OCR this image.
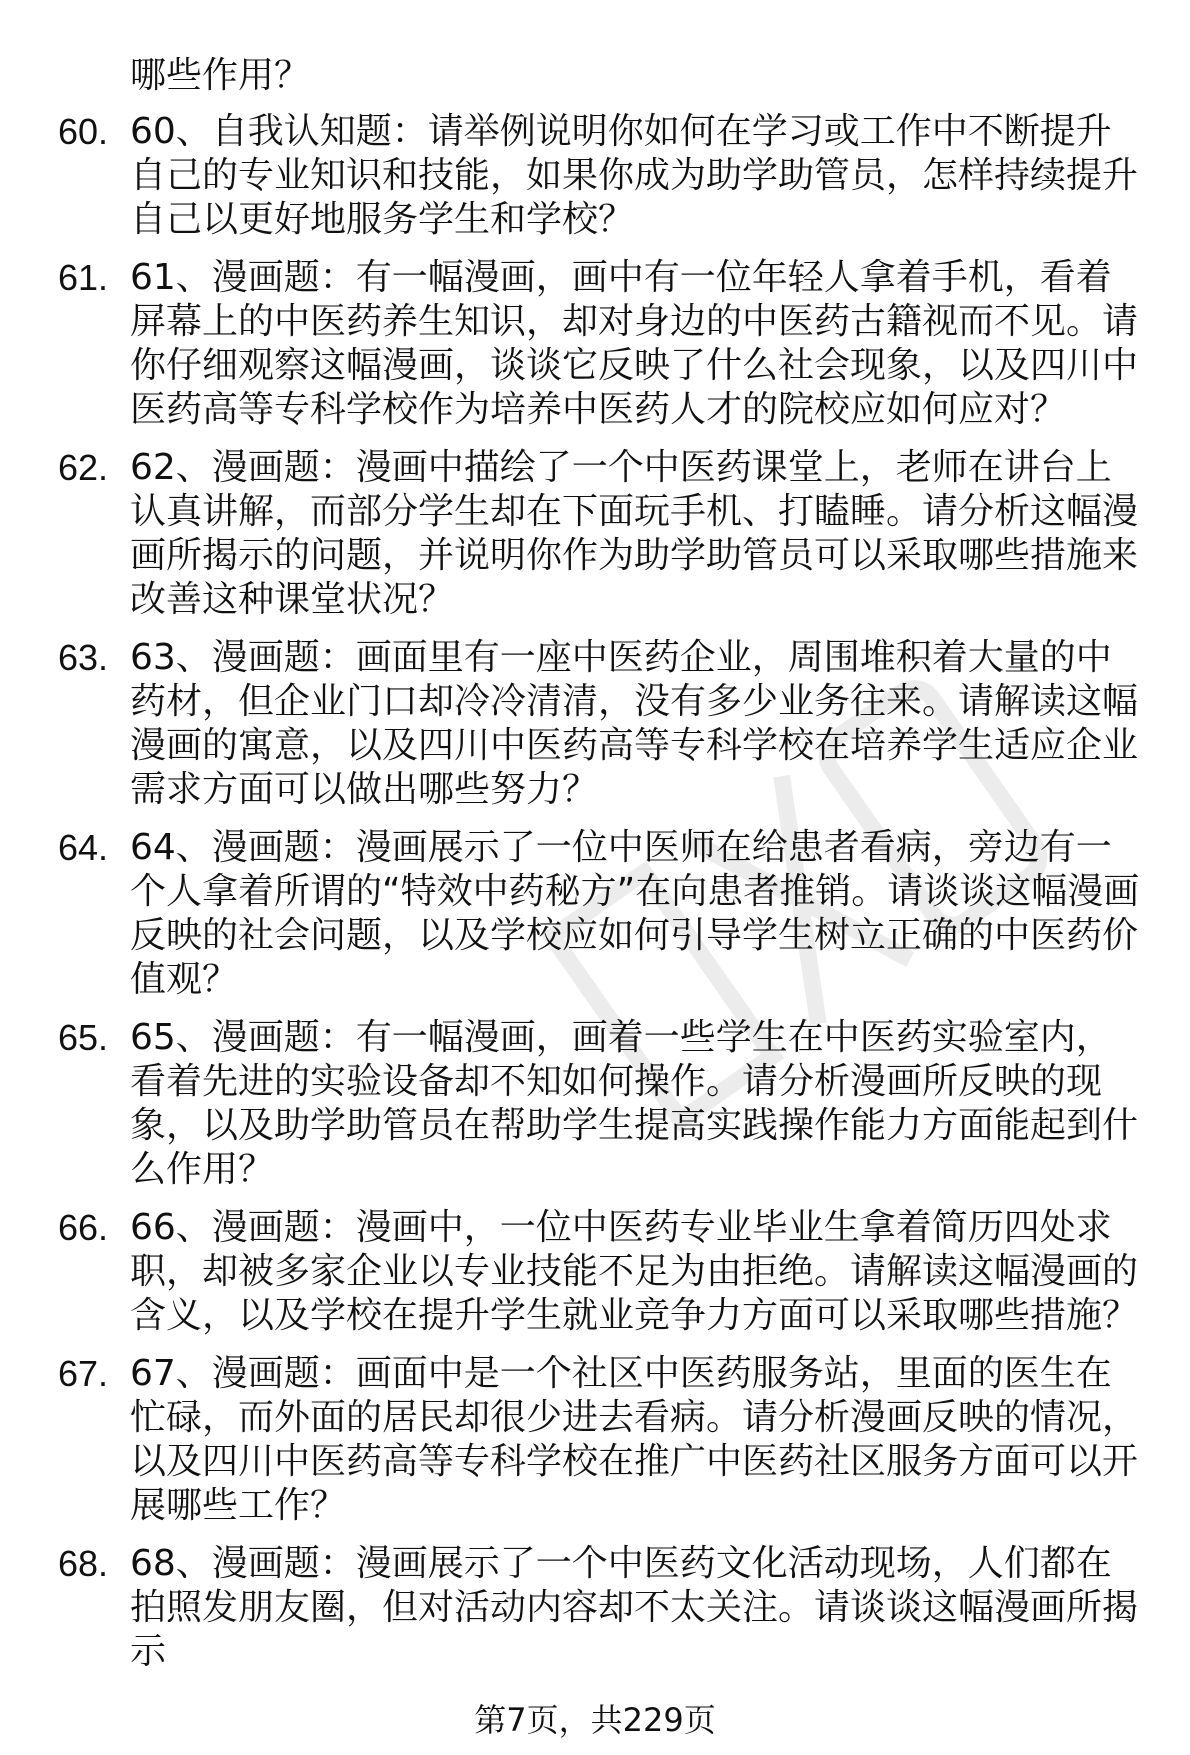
哪些作用？

60. 60、自我认知题：请举例说明你如何在学习或工作中不断提升自己的专业知识和技能，如果你成为助学助管员，怎样持续提升自己以更好地服务学生和学校？
61. 61、漫画题：有一幅漫画，画中有一位年轻人拿着手机，看着屏幕上的中医药养生知识，却对身边的中医药古籍视而不见。请你仔细观察这幅漫画，谈谈它反映了什么社会现象，以及四川中医药高等专科学校作为培养中医药人才的院校应如何应对？
62. 62、漫画题：漫画中描绘了一个中医药课堂上，老师在讲台上认真讲解，而部分学生却在下面玩手机、打瞌睡。请分析这幅漫画所揭示的问题，并说明你作为助学助管员可以采取哪些措施来改善这种课堂状况？
63. 63、漫画题：画面里有一座中医药企业，周围堆积着大量的中药材，但企业门口却冷冷清清，没有多少业务往来。请解读这幅漫画的寓意，以及四川中医药高等专科学校在培养学生适应企业需求方面可以做出哪些努力？
64. 64、漫画题：漫画展示了一位中医师在给患者看病，旁边有一个人拿着所谓的“特效中药秘方”在向患者推销。请谈谈这幅漫画反映的社会问题，以及学校应如何引导学生树立正确的中医药价值观？
65. 65、漫画题：有一幅漫画，画着一些学生在中医药实验室内，看着先进的实验设备却不知如何操作。请分析漫画所反映的现象，以及助学助管员在帮助学生提高实践操作能力方面能起到什么作用？
66. 66、漫画题：漫画中，一位中医药专业毕业生拿着简历四处求职，却被多家企业以专业技能不足为由拒绝。请解读这幅漫画的含义，以及学校在提升学生就业竞争力方面可以采取哪些措施？
67. 67、漫画题：画面中是一个社区中医药服务站，里面的医生在忙碌，而外面的居民却很少进去看病。请分析漫画反映的情况，以及四川中医药高等专科学校在推广中医药社区服务方面可以开展哪些工作？
68. 68、漫画题：漫画展示了一个中医药文化活动现场，人们都在拍照发朋友圈，但对活动内容却不太关注。请谈谈这幅漫画所揭示
第7页，共229页
